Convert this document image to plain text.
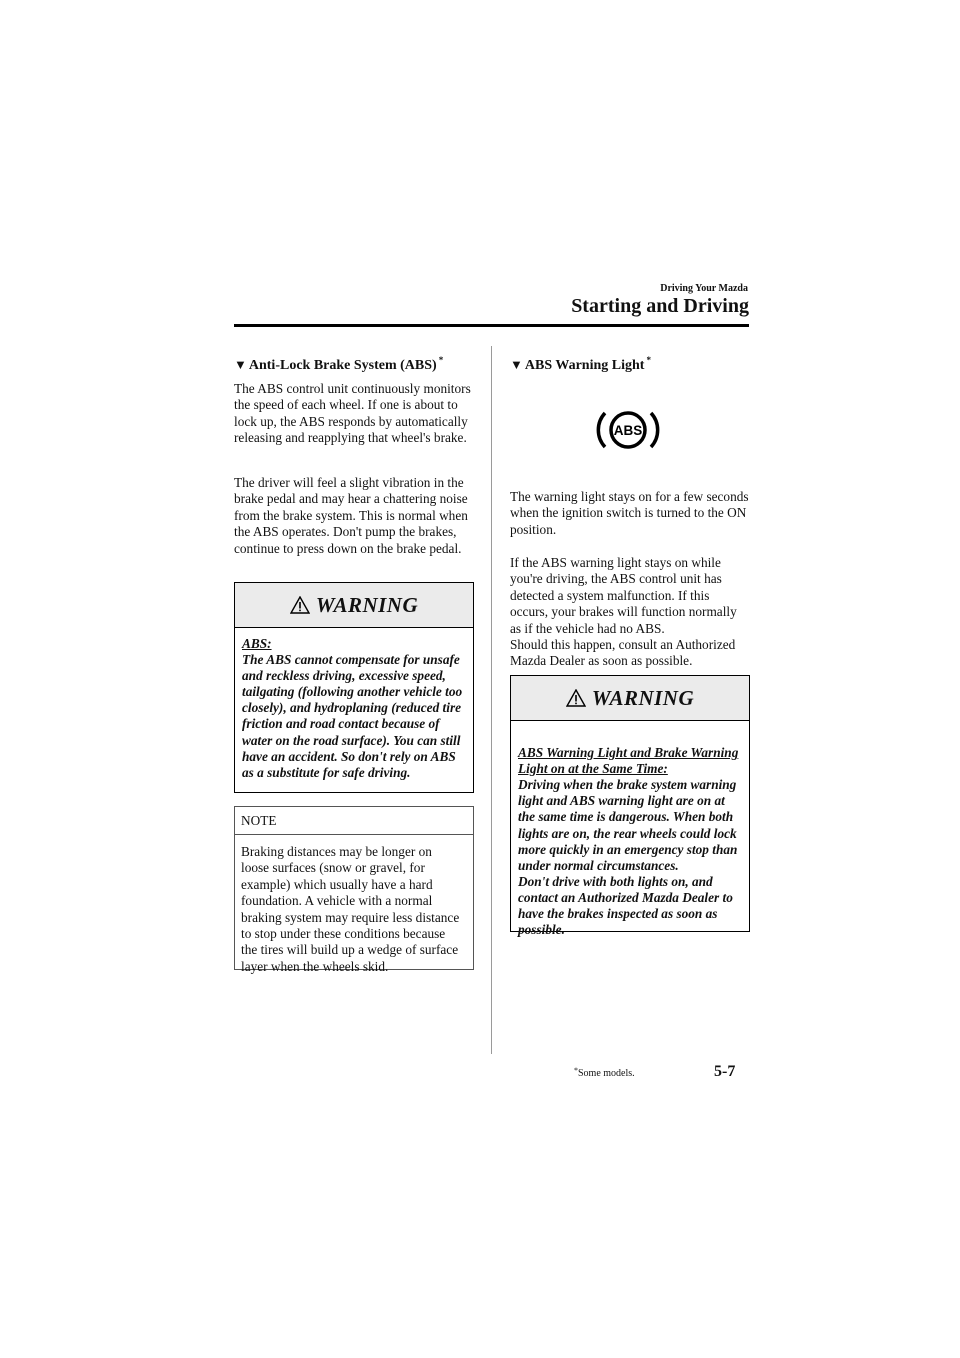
Driving Your Mazda
Starting and Driving
▼ Anti-Lock Brake System (ABS) *
The ABS control unit continuously monitors the speed of each wheel. If one is about to lock up, the ABS responds by automatically releasing and reapplying that wheel's brake.
The driver will feel a slight vibration in the brake pedal and may hear a chattering noise from the brake system. This is normal when the ABS operates. Don't pump the brakes, continue to press down on the brake pedal.
WARNING
ABS:
The ABS cannot compensate for unsafe and reckless driving, excessive speed, tailgating (following another vehicle too closely), and hydroplaning (reduced tire friction and road contact because of water on the road surface). You can still have an accident. So don't rely on ABS as a substitute for safe driving.
NOTE
Braking distances may be longer on loose surfaces (snow or gravel, for example) which usually have a hard foundation. A vehicle with a normal braking system may require less distance to stop under these conditions because the tires will build up a wedge of surface layer when the wheels skid.
▼ ABS Warning Light *
ABS
The warning light stays on for a few seconds when the ignition switch is turned to the ON position.
If the ABS warning light stays on while you're driving, the ABS control unit has detected a system malfunction. If this occurs, your brakes will function normally as if the vehicle had no ABS.
Should this happen, consult an Authorized Mazda Dealer as soon as possible.
WARNING

ABS Warning Light and Brake Warning Light on at the Same Time:
Driving when the brake system warning light and ABS warning light are on at the same time is dangerous. When both lights are on, the rear wheels could lock more quickly in an emergency stop than under normal circumstances.
Don't drive with both lights on, and contact an Authorized Mazda Dealer to have the brakes inspected as soon as possible.

*Some models.	5-7
